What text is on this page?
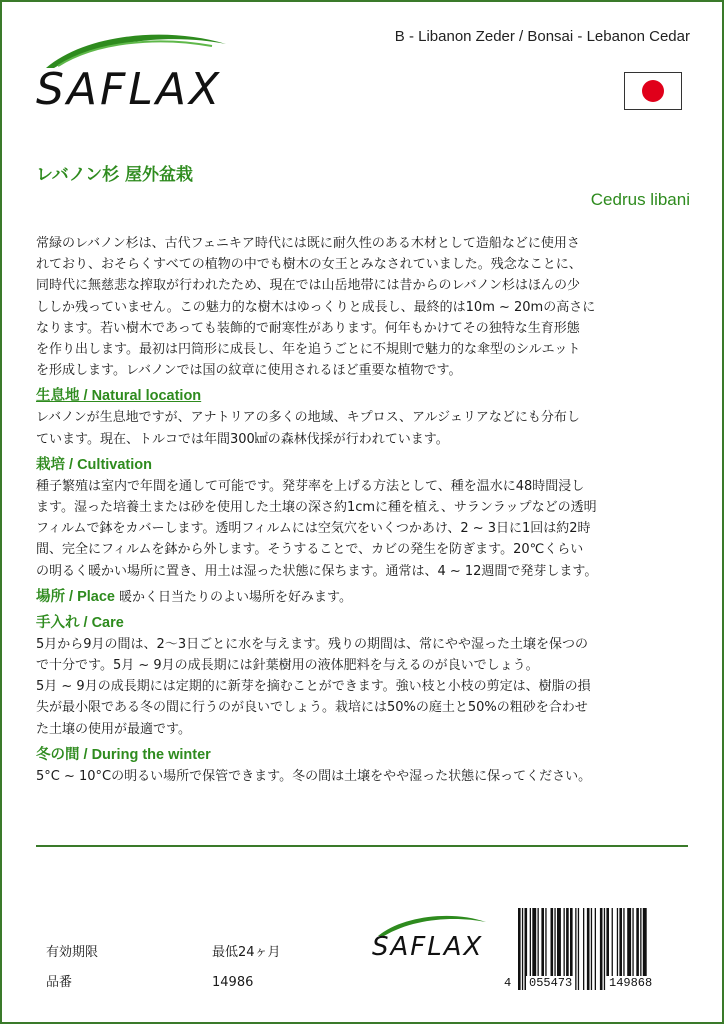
SAFLAX
B - Libanon Zeder / Bonsai - Lebanon Cedar
レバノン杉 屋外盆栽
Cedrus libani

常緑のレバノン杉は、古代フェニキア時代には既に耐久性のある木材として造船などに使用さ

れており、おそらくすべての植物の中でも樹木の女王とみなされていました。残念なことに、

同時代に無慈悲な搾取が行われたため、現在では山岳地帯には昔からのレバノン杉はほんの少

ししか残っていません。この魅力的な樹木はゆっくりと成長し、最終的は10m ~ 20mの高さに

なります。若い樹木であっても装飾的で耐寒性があります。何年もかけてその独特な生育形態

を作り出します。最初は円筒形に成長し、年を追うごとに不規則で魅力的な傘型のシルエット

を形成します。レバノンでは国の紋章に使用されるほど重要な植物です。

生息地 / Natural location

レバノンが生息地ですが、アナトリアの多くの地域、キプロス、アルジェリアなどにも分布し

ています。現在、トルコでは年間300㎢の森林伐採が行われています。

栽培 / Cultivation

種子繁殖は室内で年間を通して可能です。発芽率を上げる方法として、種を温水に48時間浸し

ます。湿った培養土または砂を使用した土壌の深さ約1cmに種を植え、サランラップなどの透明

フィルムで鉢をカバーします。透明フィルムには空気穴をいくつかあけ、2 ~ 3日に1回は約2時

間、完全にフィルムを鉢から外します。そうすることで、カビの発生を防ぎます。20℃くらい

の明るく暖かい場所に置き、用土は湿った状態に保ちます。通常は、4 ~ 12週間で発芽します。

場所 / Place 暖かく日当たりのよい場所を好みます。
手入れ / Care

5月から9月の間は、2〜3日ごとに水を与えます。残りの期間は、常にやや湿った土壌を保つの

で十分です。5月 ~ 9月の成長期には針葉樹用の液体肥料を与えるのが良いでしょう。

5月 ~ 9月の成長期には定期的に新芽を摘むことができます。強い枝と小枝の剪定は、樹脂の損

失が最小限である冬の間に行うのが良いでしょう。栽培には50%の庭土と50%の粗砂を合わせ

た土壌の使用が最適です。

冬の間 / During the winter

5°C ~ 10°Cの明るい場所で保管できます。冬の間は土壌をやや湿った状態に保ってください。

有効期限	最低24ヶ月
品番	14986
SAFLAX
4 055473	149868
